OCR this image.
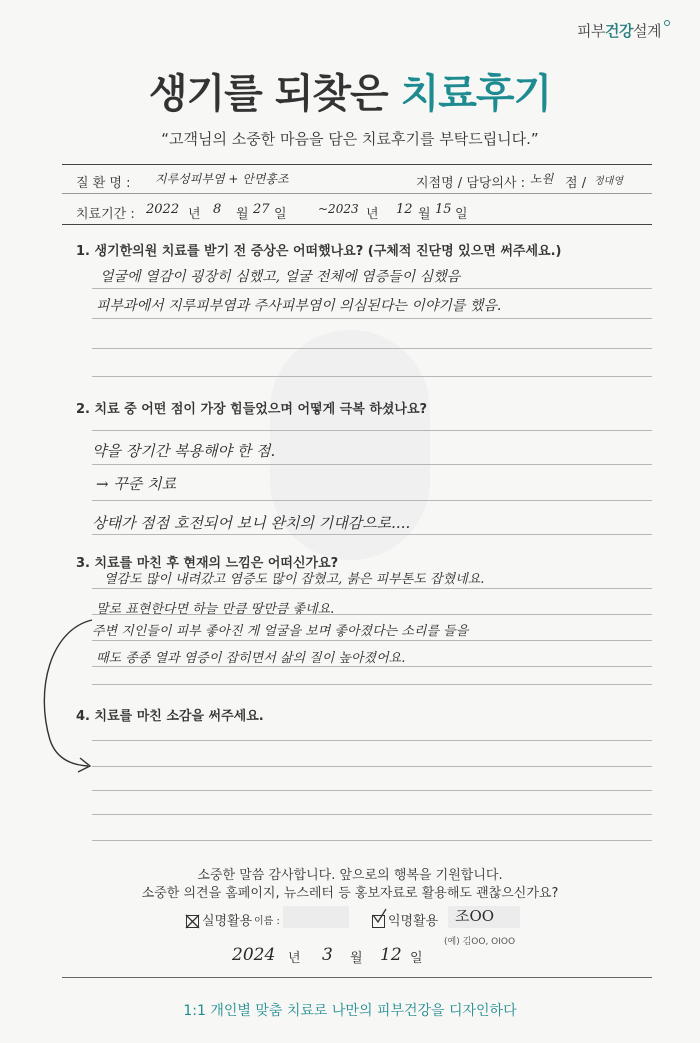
피부건강설계
생기를 되찾은 치료후기
“고객님의 소중한 마음을 담은 치료후기를 부탁드립니다.”
질 환 명 : 지루성피부염 + 안면홍조	지점명 / 담당의사 : 노원 점 / 정대영
치료기간 : 2022 년 8 월 27 일	~2023 년 12 월 15 일
1. 생기한의원 치료를 받기 전 증상은 어떠했나요? (구체적 진단명 있으면 써주세요.)
얼굴에 열감이 굉장히 심했고, 얼굴 전체에 염증들이 심했음
피부과에서 지루피부염과 주사피부염이 의심된다는 이야기를 했음.
2. 치료 중 어떤 점이 가장 힘들었으며 어떻게 극복 하셨나요?
약을 장기간 복용해야 한 점.
→ 꾸준 치료
상태가 점점 호전되어 보니 완치의 기대감으로....
3. 치료를 마친 후 현재의 느낌은 어떠신가요?
열감도 많이 내려갔고 염증도 많이 잡혔고, 붉은 피부톤도 잡혔네요.
말로 표현한다면 하늘 만큼 땅만큼 좋네요.
주변 지인들이 피부 좋아진 게 얼굴을 보며 좋아졌다는 소리를 들을
때도 종종 열과 염증이 잡히면서 삶의 질이 높아졌어요.
4. 치료를 마친 소감을 써주세요.
소중한 말씀 감사합니다. 앞으로의 행복을 기원합니다.
소중한 의견을 홈페이지, 뉴스레터 등 홍보자료로 활용해도 괜찮으신가요?
실명활용 이름 :	익명활용 조OO
(예) 김OO, OIOO
2024 년 3 월 12 일
1:1 개인별 맞춤 치료로 나만의 피부건강을 디자인하다
